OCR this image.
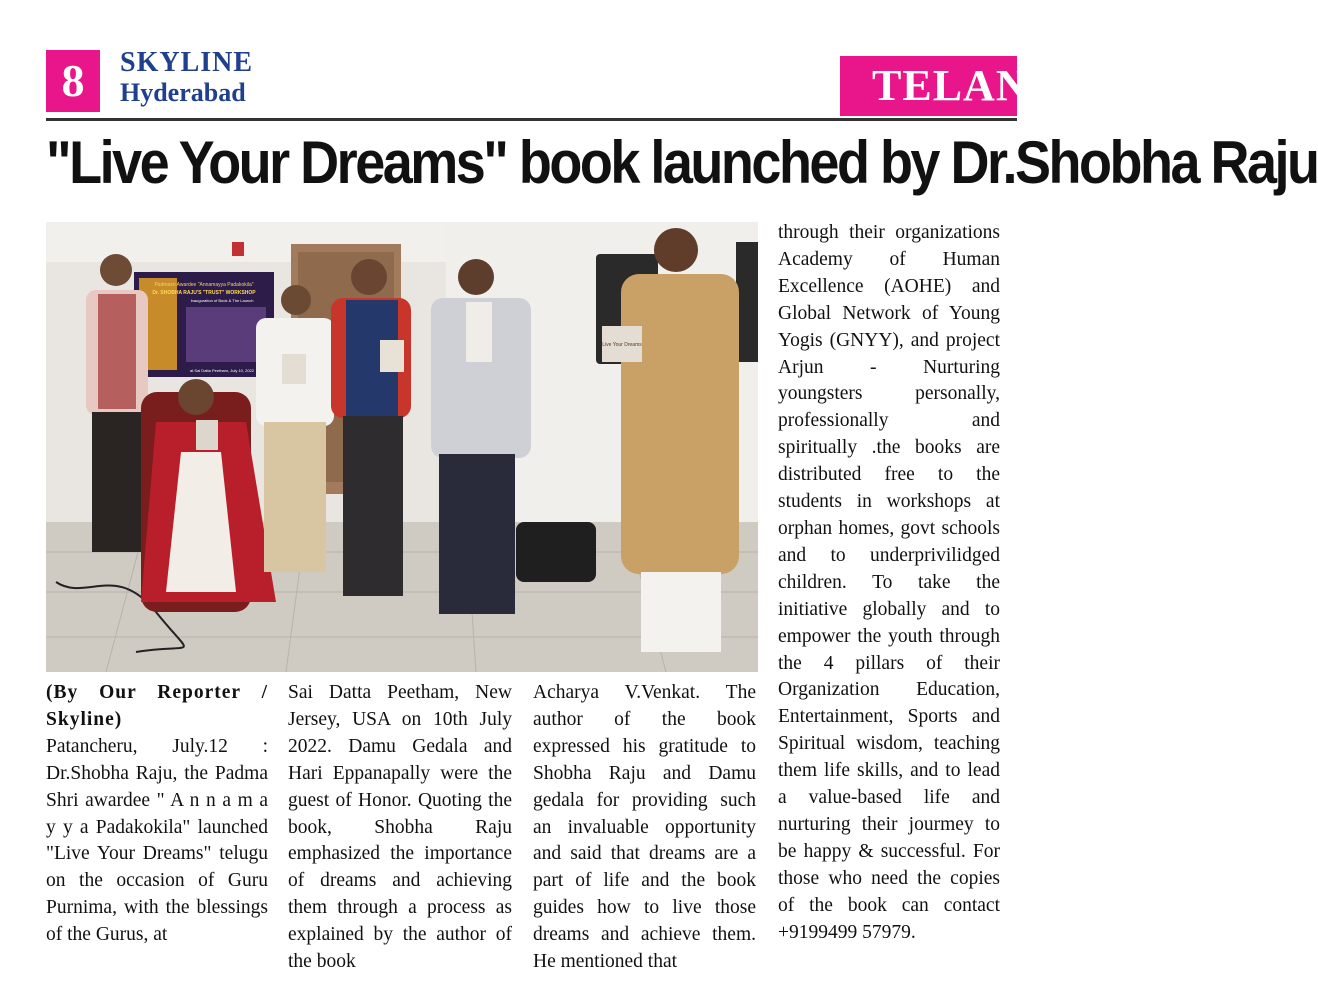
8	SKYLINE
Hyderabad	TELAN
"Live Your Dreams" book launched by Dr.Shobha Raju
Padmasri Awardee "Annamayya Padakokila"
Dr. SHOBHA RAJU'S "TRUST" WORKSHOP
Inauguration of Book & The Launch
at Sai Datta Peetham, July 10, 2022
Live Your Dreams

(By Our Reporter / Skyline)

Patancheru, July.12 : Dr.Shobha Raju, the Padma Shri awardee " A n n a m a y y a Padakokila" launched "Live Your Dreams" telugu on the occasion of Guru Purnima, with the blessings of the Gurus, at

Sai Datta Peetham, New Jersey, USA on 10th July 2022. Damu Gedala and Hari Eppanapally were the guest of Honor. Quoting the book, Shobha Raju emphasized the importance of dreams and achieving them through a process as explained by the author of the book

Acharya V.Venkat. The author of the book expressed his gratitude to Shobha Raju and Damu gedala for providing such an invaluable opportunity and said that dreams are a part of life and the book guides how to live those dreams and achieve them. He mentioned that

through their organizations Academy of Human Excellence (AOHE) and Global Network of Young Yogis (GNYY), and project Arjun - Nurturing youngsters personally, professionally and spiritually .the books are distributed free to the students in workshops at orphan homes, govt schools and to underprivilidged children. To take the initiative globally and to empower the youth through the 4 pillars of their Organization Education, Entertainment, Sports and Spiritual wisdom, teaching them life skills, and to lead a value-based life and nurturing their jourmey to be happy & successful. For those who need the copies of the book can contact +9199499 57979.
